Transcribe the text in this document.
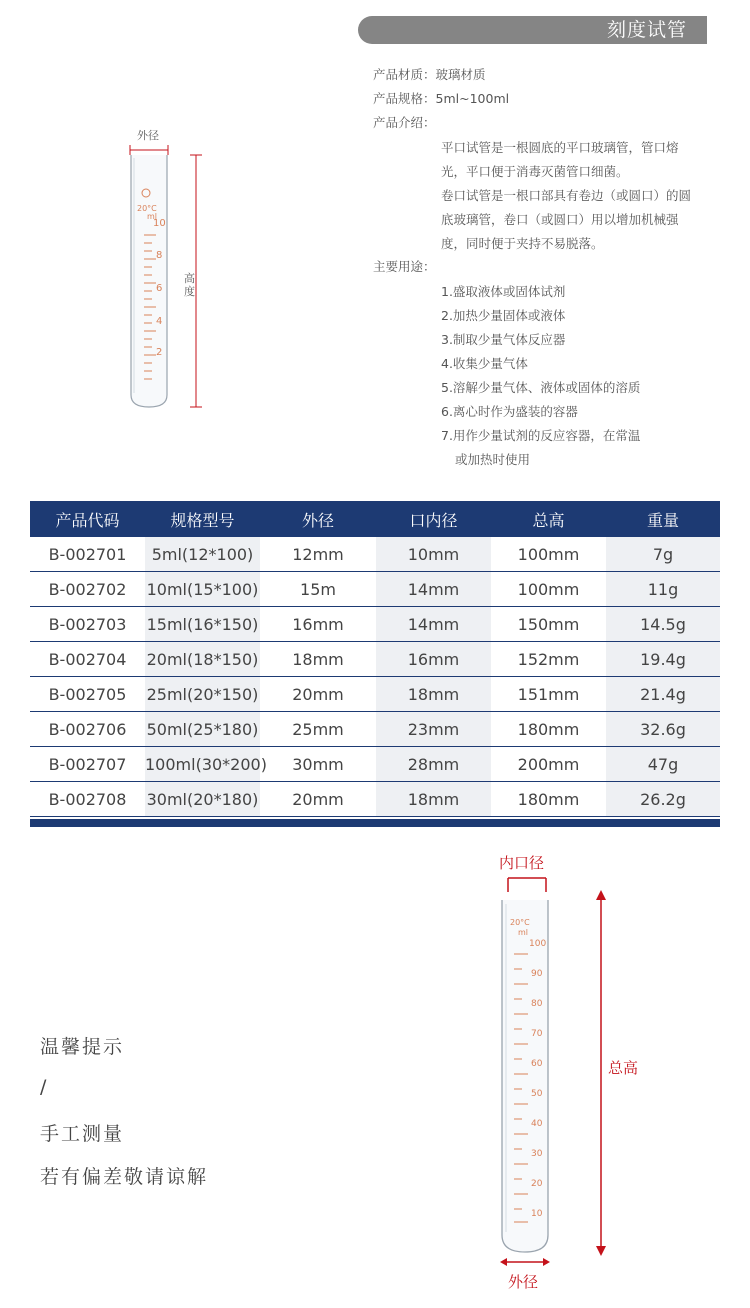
刻度试管
外径
高
度
20°C
ml
10
8
6
4
2
产品材质：玻璃材质
产品规格：5ml~100ml
产品介绍：
平口试管是一根圆底的平口玻璃管，管口熔光，平口便于消毒灭菌管口细菌。
卷口试管是一根口部具有卷边（或圆口）的圆底玻璃管，卷口（或圆口）用以增加机械强度，同时便于夹持不易脱落。
主要用途：
1.盛取液体或固体试剂
2.加热少量固体或液体
3.制取少量气体反应器
4.收集少量气体
5.溶解少量气体、液体或固体的溶质
6.离心时作为盛装的容器
7.用作少量试剂的反应容器，在常温
或加热时使用
产品代码	规格型号	外径	口内径	总高	重量
B-002701	5ml(12*100)	12mm	10mm	100mm	7g
B-002702	10ml(15*100)	15m	14mm	100mm	11g
B-002703	15ml(16*150)	16mm	14mm	150mm	14.5g
B-002704	20ml(18*150)	18mm	16mm	152mm	19.4g
B-002705	25ml(20*150)	20mm	18mm	151mm	21.4g
B-002706	50ml(25*180)	25mm	23mm	180mm	32.6g
B-002707	100ml(30*200)	30mm	28mm	200mm	47g
B-002708	30ml(20*180)	20mm	18mm	180mm	26.2g
温馨提示
/
手工测量
若有偏差敬请谅解
内口径
总高
外径
20°C
ml
100
90
80
70
60
50
40
30
20
10
